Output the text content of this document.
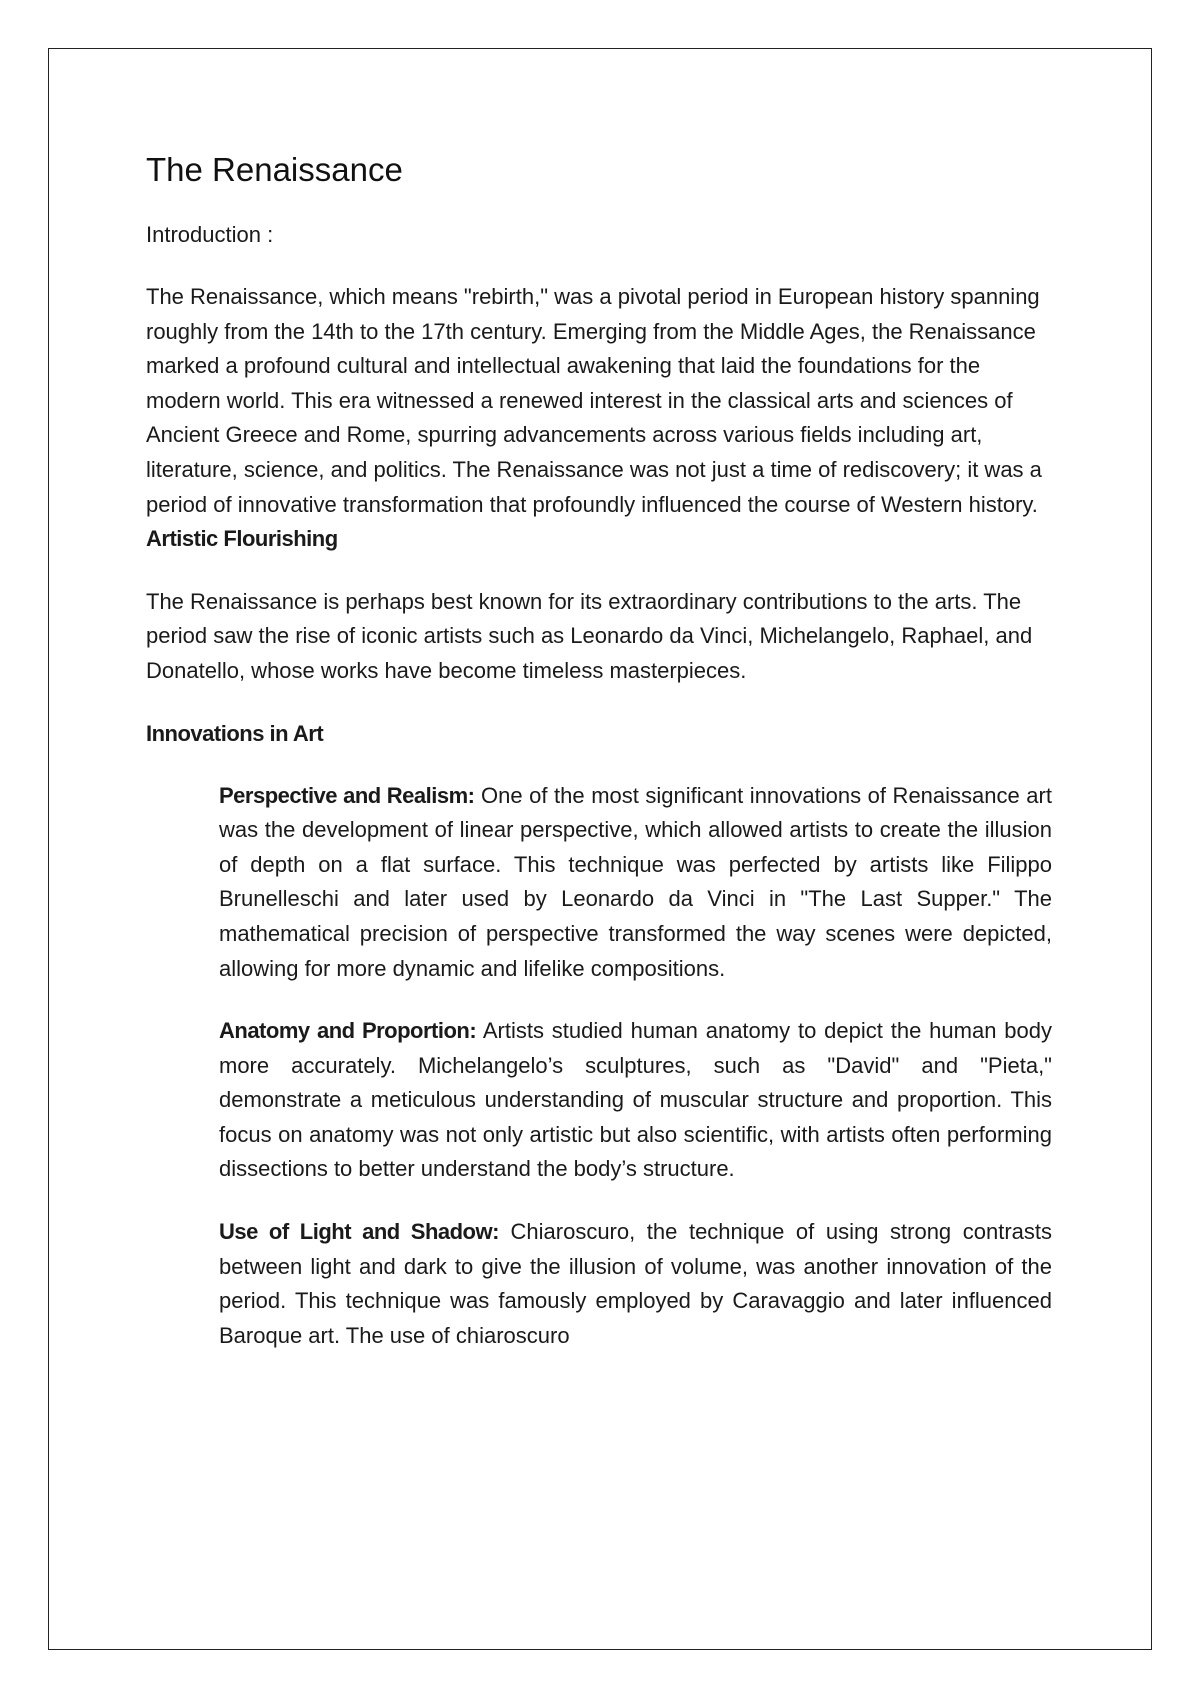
The Renaissance
Introduction :

The Renaissance, which means "rebirth," was a pivotal period in European history spanning roughly from the 14th to the 17th century. Emerging from the Middle Ages, the Renaissance marked a profound cultural and intellectual awakening that laid the foundations for the modern world. This era witnessed a renewed interest in the classical arts and sciences of Ancient Greece and Rome, spurring advancements across various fields including art, literature, science, and politics. The Renaissance was not just a time of rediscovery; it was a period of innovative transformation that profoundly influenced the course of Western history. Artistic Flourishing

The Renaissance is perhaps best known for its extraordinary contributions to the arts. The period saw the rise of iconic artists such as Leonardo da Vinci, Michelangelo, Raphael, and Donatello, whose works have become timeless masterpieces.

Innovations in Art

Perspective and Realism: One of the most significant innovations of Renaissance art was the development of linear perspective, which allowed artists to create the illusion of depth on a flat surface. This technique was perfected by artists like Filippo Brunelleschi and later used by Leonardo da Vinci in "The Last Supper." The mathematical precision of perspective transformed the way scenes were depicted, allowing for more dynamic and lifelike compositions.

Anatomy and Proportion: Artists studied human anatomy to depict the human body more accurately. Michelangelo’s sculptures, such as "David" and "Pieta," demonstrate a meticulous understanding of muscular structure and proportion. This focus on anatomy was not only artistic but also scientific, with artists often performing dissections to better understand the body’s structure.

Use of Light and Shadow: Chiaroscuro, the technique of using strong contrasts between light and dark to give the illusion of volume, was another innovation of the period. This technique was famously employed by Caravaggio and later influenced Baroque art. The use of chiaroscuro
